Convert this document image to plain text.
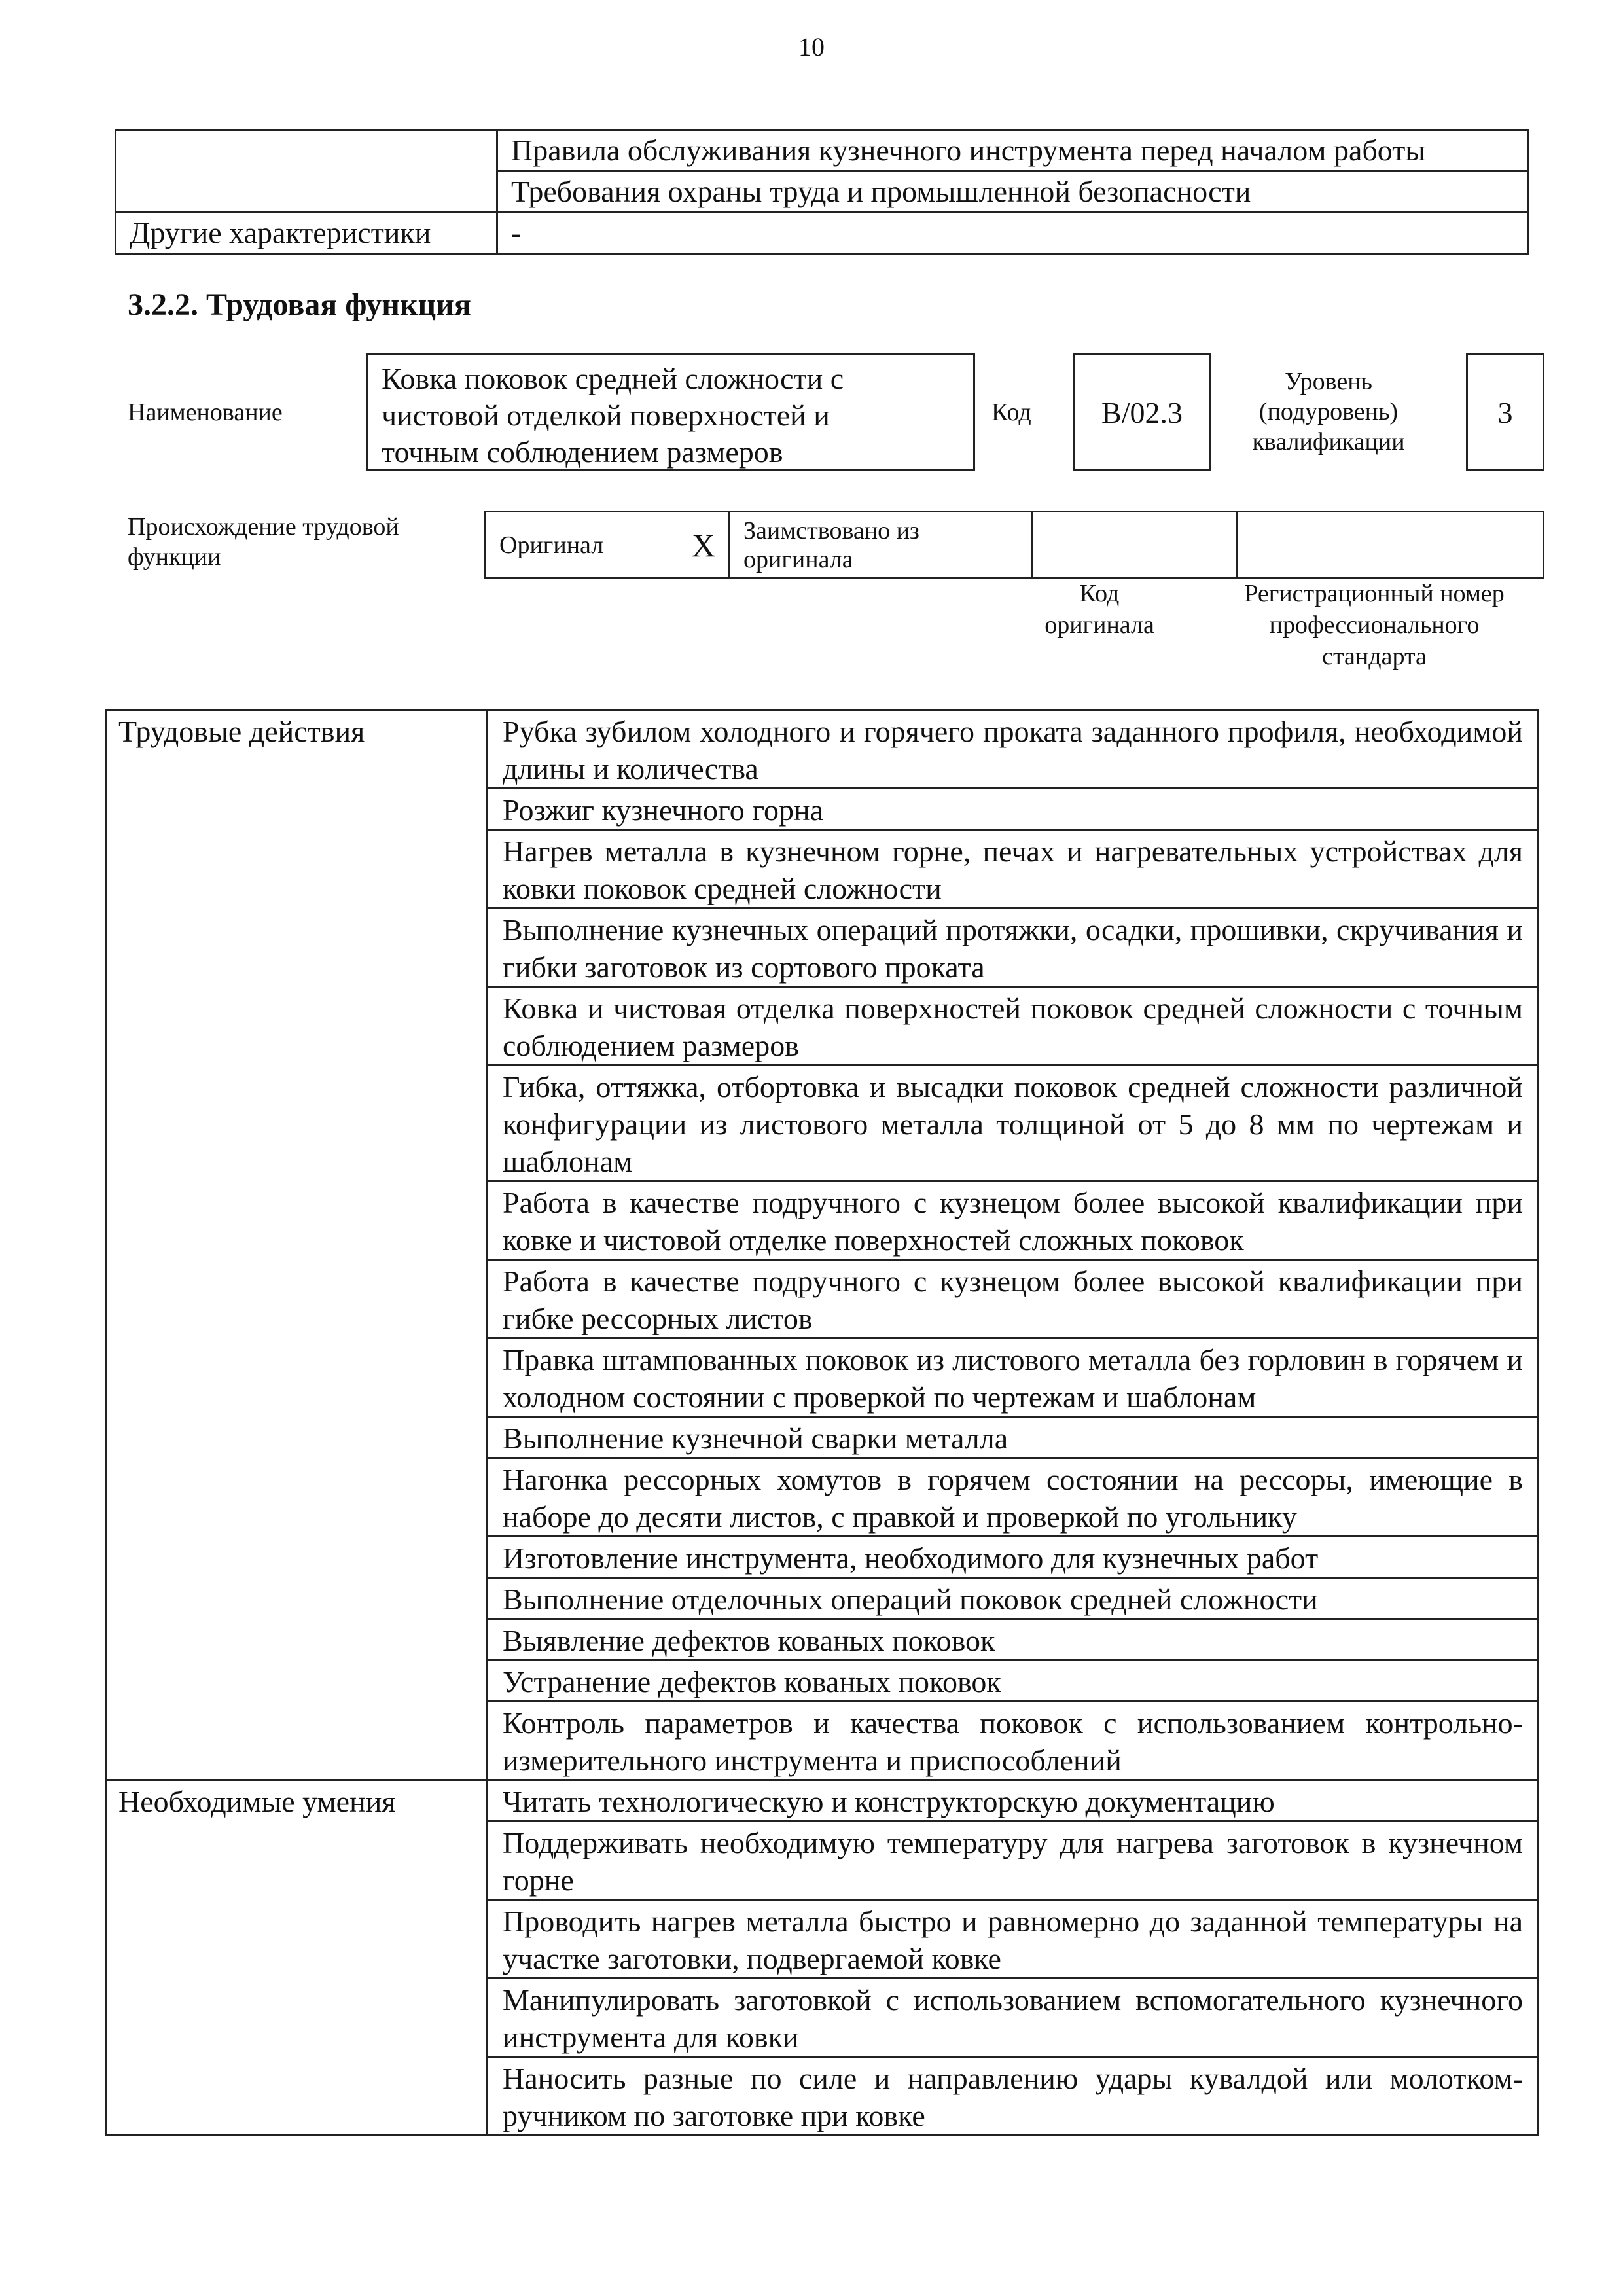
10
	Правила обслуживания кузнечного инструмента перед началом работы
	Требования охраны труда и промышленной безопасности
Другие характеристики	-
3.2.2. Трудовая функция
Наименование
Ковка поковок средней сложности с
чистовой отделкой поверхностей и
точным соблюдением размеров
Код B/02.3
Уровень
(подуровень)
квалификации
3
Происхождение трудовой
функции	Оригинал	X	Заимствовано из
оригинала

Код
оригинала
Регистрационный номер
профессионального
стандарта
Трудовые действия	Рубка зубилом холодного и горячего проката заданного профиля, необходимой длины и количества
	Розжиг кузнечного горна
	Нагрев металла в кузнечном горне, печах и нагревательных устройствах для ковки поковок средней сложности
	Выполнение кузнечных операций протяжки, осадки, прошивки, скручивания и гибки заготовок из сортового проката
	Ковка и чистовая отделка поверхностей поковок средней сложности с точным соблюдением размеров
	Гибка, оттяжка, отбортовка и высадки поковок средней сложности различной конфигурации из листового металла толщиной от 5 до 8 мм по чертежам и шаблонам
	Работа в качестве подручного с кузнецом более высокой квалификации при ковке и чистовой отделке поверхностей сложных поковок
	Работа в качестве подручного с кузнецом более высокой квалификации при гибке рессорных листов
	Правка штампованных поковок из листового металла без горловин в горячем и холодном состоянии с проверкой по чертежам и шаблонам
	Выполнение кузнечной сварки металла
	Нагонка рессорных хомутов в горячем состоянии на рессоры, имеющие в наборе до десяти листов, с правкой и проверкой по угольнику
	Изготовление инструмента, необходимого для кузнечных работ
	Выполнение отделочных операций поковок средней сложности
	Выявление дефектов кованых поковок
	Устранение дефектов кованых поковок
	Контроль параметров и качества поковок с использованием контрольно-измерительного инструмента и приспособлений
Необходимые умения	Читать технологическую и конструкторскую документацию
	Поддерживать необходимую температуру для нагрева заготовок в кузнечном горне
	Проводить нагрев металла быстро и равномерно до заданной температуры на участке заготовки, подвергаемой ковке
	Манипулировать заготовкой с использованием вспомогательного кузнечного инструмента для ковки
	Наносить разные по силе и направлению удары кувалдой или молотком-ручником по заготовке при ковке
